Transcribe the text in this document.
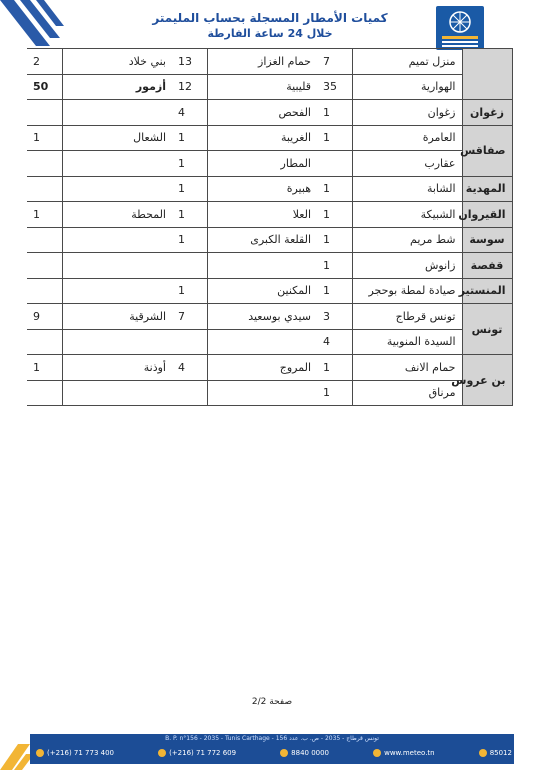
كميات الأمطار المسجلة بحساب المليمتر
خلال 24 ساعة الفارطة
2	بني خلاد	13	حمام الغزاز	7	منزل تميم	
50	أزمور	12	قليبية	35	الهوارية	
		4	الفحص	1	زغوان	زغوان
1	الشعال	1	الغريبة	1	العامرة	صفاقس
		1	المطار		عقارب	
		1	هبيرة	1	الشابة	المهدية
1	المحطة	1	العلا	1	الشبيكة	القيروان
		1	القلعة الكبرى	1	شط مريم	سوسة
				1	زانوش	قفصة
		1	المكنين	1	صيادة لمطة بوحجر	المنستير
9	الشرقية	7	سيدي بوسعيد	3	تونس قرطاج	تونس
				4	السيدة المنوبية	
1	أوذنة	4	المروج	1	حمام الانف	بن عروس
				1	مرناق	
صفحة 2/2
B. P. n°156 - 2035 - Tunis Carthage - تونس قرطاج - 2035 - ص. ب. عدد 156
(+216) 71 773 400	(+216) 71 772 609	8840 0000	www.meteo.tn	85012
